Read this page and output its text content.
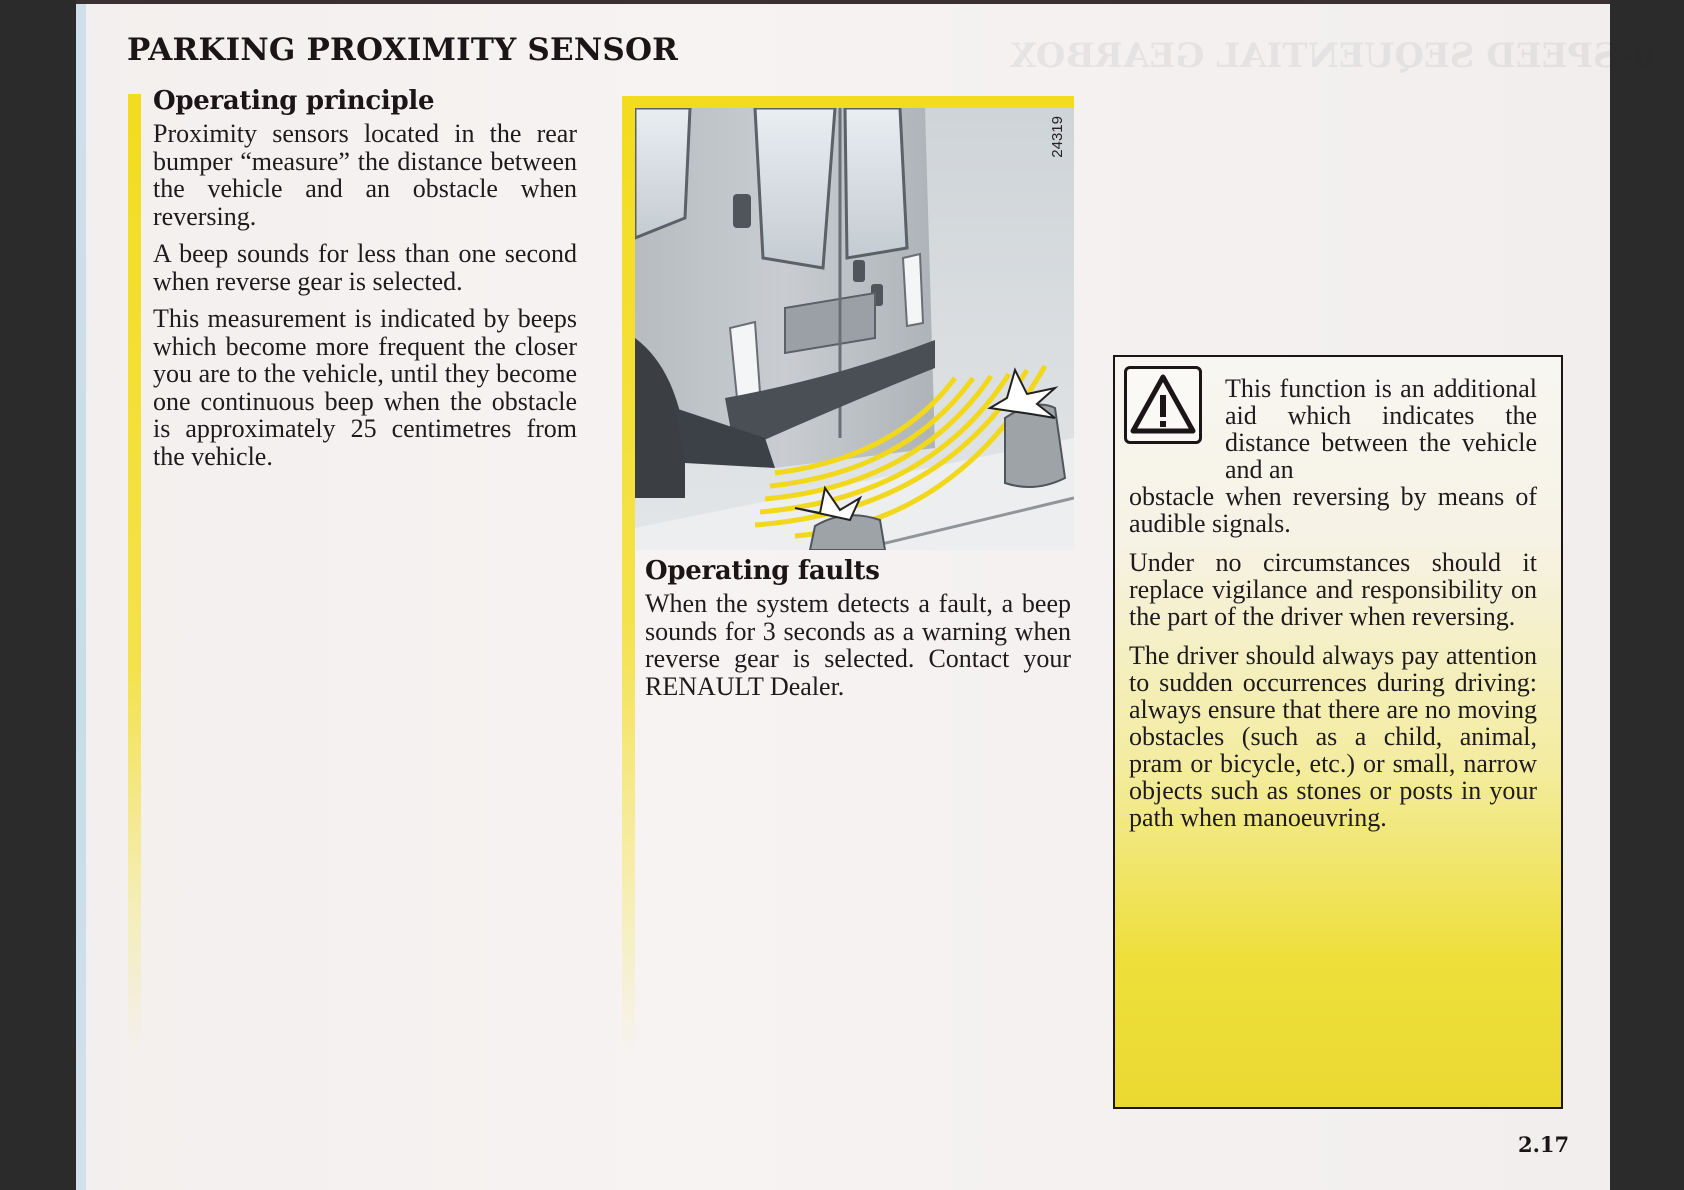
6-SPEED SEQUENTIAL GEARBOX
PARKING PROXIMITY SENSOR
Operating principle

Proximity sensors located in the rear bumper “measure” the distance between the vehicle and an obstacle when reversing.

A beep sounds for less than one second when reverse gear is selected.

This measurement is indicated by beeps which become more frequent the closer you are to the vehicle, until they become one continuous beep when the obstacle is approximately 25 centimetres from the vehicle.

24319
Operating faults

When the system detects a fault, a beep sounds for 3 seconds as a warning when reverse gear is selected. Contact your RENAULT Dealer.

This function is an additional aid which indicates the distance between the vehicle and an
obstacle when reversing by means of audible signals.

Under no circumstances should it replace vigilance and responsibility on the part of the driver when reversing.

The driver should always pay attention to sudden occurrences during driving: always ensure that there are no moving obstacles (such as a child, animal, pram or bicycle, etc.) or small, narrow objects such as stones or posts in your path when manoeuvring.

2.17
